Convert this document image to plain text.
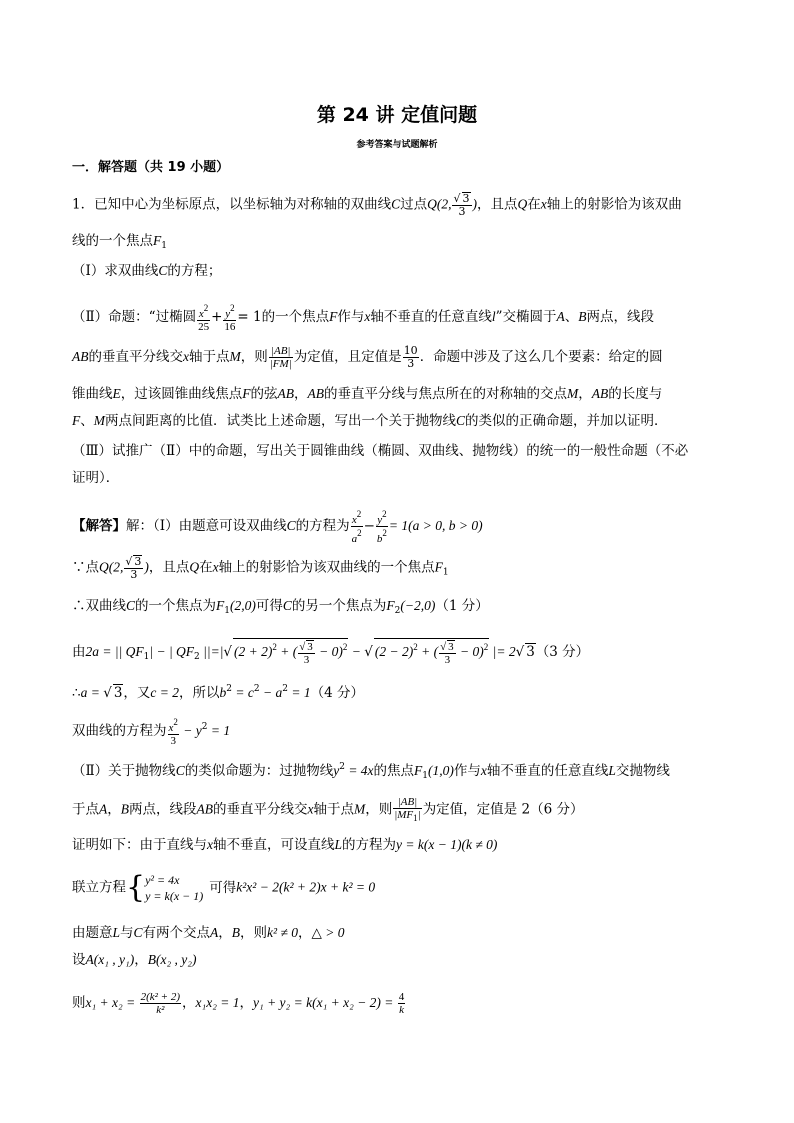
第 24 讲 定值问题
参考答案与试题解析
一．解答题（共 19 小题）
1．已知中心为坐标原点，以坐标轴为对称轴的双曲线C过点Q(2, $\frac{√ 3}{3}$ )，且点Q在x轴上的射影恰为该双曲
线的一个焦点$F_1$
（Ⅰ）求双曲线C的方程；
（Ⅱ）命题：“过椭圆 $\frac{x^2}{25} + \frac{y^2}{16} = 1$的一个焦点F作与x轴不垂直的任意直线l”交椭圆于A、B两点，线段
AB的垂直平分线交x轴于点M，则 $\frac{|AB|}{|FM|}$ 为定值，且定值是 $\frac{10}{3}$ ．命题中涉及了这么几个要素：给定的圆
锥曲线E，过该圆锥曲线焦点F的弦AB，AB的垂直平分线与焦点所在的对称轴的交点M，AB的长度与
F、M两点间距离的比值．试类比上述命题，写出一个关于抛物线C的类似的正确命题，并加以证明．
（Ⅲ）试推广（Ⅱ）中的命题，写出关于圆锥曲线（椭圆、双曲线、抛物线）的统一的一般性命题（不必
证明）．
【解答】解：（Ⅰ）由题意可设双曲线C的方程为 $\frac{x^2}{a^2} - \frac{y^2}{b^2} = 1(a > 0$, b > 0)
∵点Q(2, $\frac{√ 3}{3}$ )，且点Q在x轴上的射影恰为该双曲线的一个焦点$F_1$
∴双曲线C的一个焦点为$F_1(2,0)$可得C的另一个焦点为$F_2(-2,0)(1$ 分）
由2a = || $QF_1|$ − | $QF_2$ ||=|√ $(2 + 2)^2$ + ( $\frac{√ 3}{3} - 0)^2$ − √ $(2 - 2)^2$ + ( $\frac{√ 3}{3} - 0)^2$ |= 2√ 3（3 分）
∴a = √ 3，又c = 2，所以$b^2 = c^2 - a^2 = 1(4$ 分）
双曲线的方程为 $\frac{x^2}{3} - y^2 = 1$
（Ⅱ）关于抛物线C的类似命题为：过抛物线$y^2 = 4x$的焦点$F_1(1,0)$作与x轴不垂直的任意直线L交抛物线
于点A，B两点，线段AB的垂直平分线交x轴于点M，则 $\frac{|AB|}{|MF_1|}$ 为定值，定值是 2（6 分）
证明如下：由于直线与x轴不垂直，可设直线L的方程为y = k(x − 1)(k ≠ 0)
联立方程{ y² = 4x
y = k(x − 1)
可得k²x² − 2(k² + 2)x + k² = 0
由题意L与C有两个交点A，B，则k² ≠ 0，△ > 0
设A(x₁ , y₁)，B(x₂ , y₂)
则$x_1 + x_2 = \frac{\text{2(k² + 2)}}{\text{k²}}$ ，x₁x₂ = 1，$y_1 + y_2 = k(x_1 + x_2 - 2) = \frac{4}{k}$
